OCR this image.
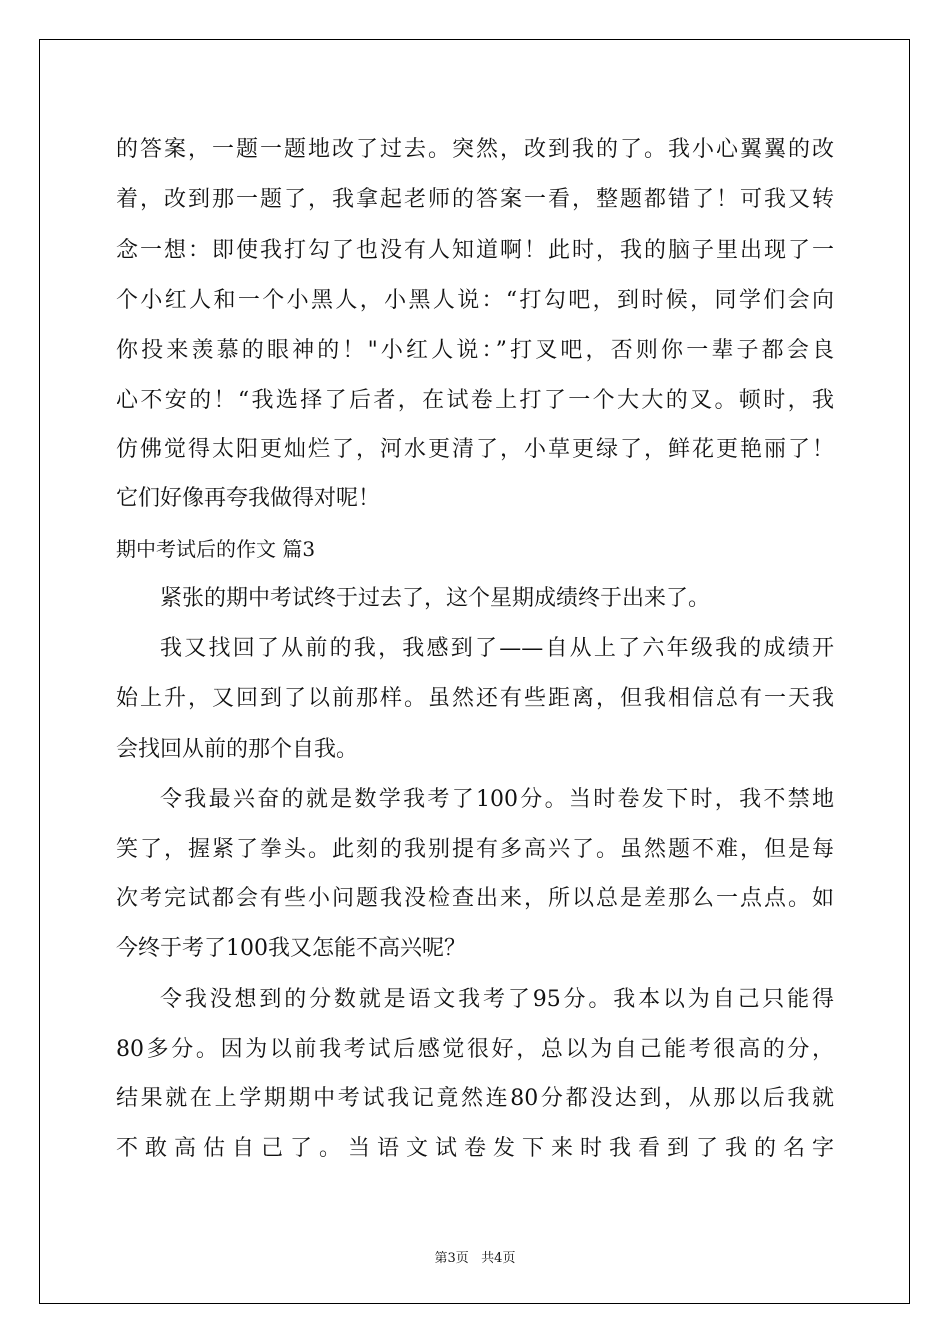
的答案，一题一题地改了过去。突然，改到我的了。我小心翼翼的改
着，改到那一题了，我拿起老师的答案一看，整题都错了！可我又转
念一想：即使我打勾了也没有人知道啊！此时，我的脑子里出现了一
个小红人和一个小黑人，小黑人说：“打勾吧，到时候，同学们会向
你投来羡慕的眼神的！"小红人说：”打叉吧，否则你一辈子都会良
心不安的！“我选择了后者，在试卷上打了一个大大的叉。顿时，我
仿佛觉得太阳更灿烂了，河水更清了，小草更绿了，鲜花更艳丽了！
它们好像再夸我做得对呢！
期中考试后的作文 篇3
紧张的期中考试终于过去了，这个星期成绩终于出来了。
我又找回了从前的我，我感到了——自从上了六年级我的成绩开
始上升，又回到了以前那样。虽然还有些距离，但我相信总有一天我
会找回从前的那个自我。
令我最兴奋的就是数学我考了100分。当时卷发下时，我不禁地
笑了，握紧了拳头。此刻的我别提有多高兴了。虽然题不难，但是每
次考完试都会有些小问题我没检查出来，所以总是差那么一点点。如
今终于考了100我又怎能不高兴呢？
令我没想到的分数就是语文我考了95分。我本以为自己只能得
80多分。因为以前我考试后感觉很好，总以为自己能考很高的分，
结果就在上学期期中考试我记竟然连80分都没达到，从那以后我就
不敢高估自己了。当语文试卷发下来时我看到了我的名字
第3页   共4页
